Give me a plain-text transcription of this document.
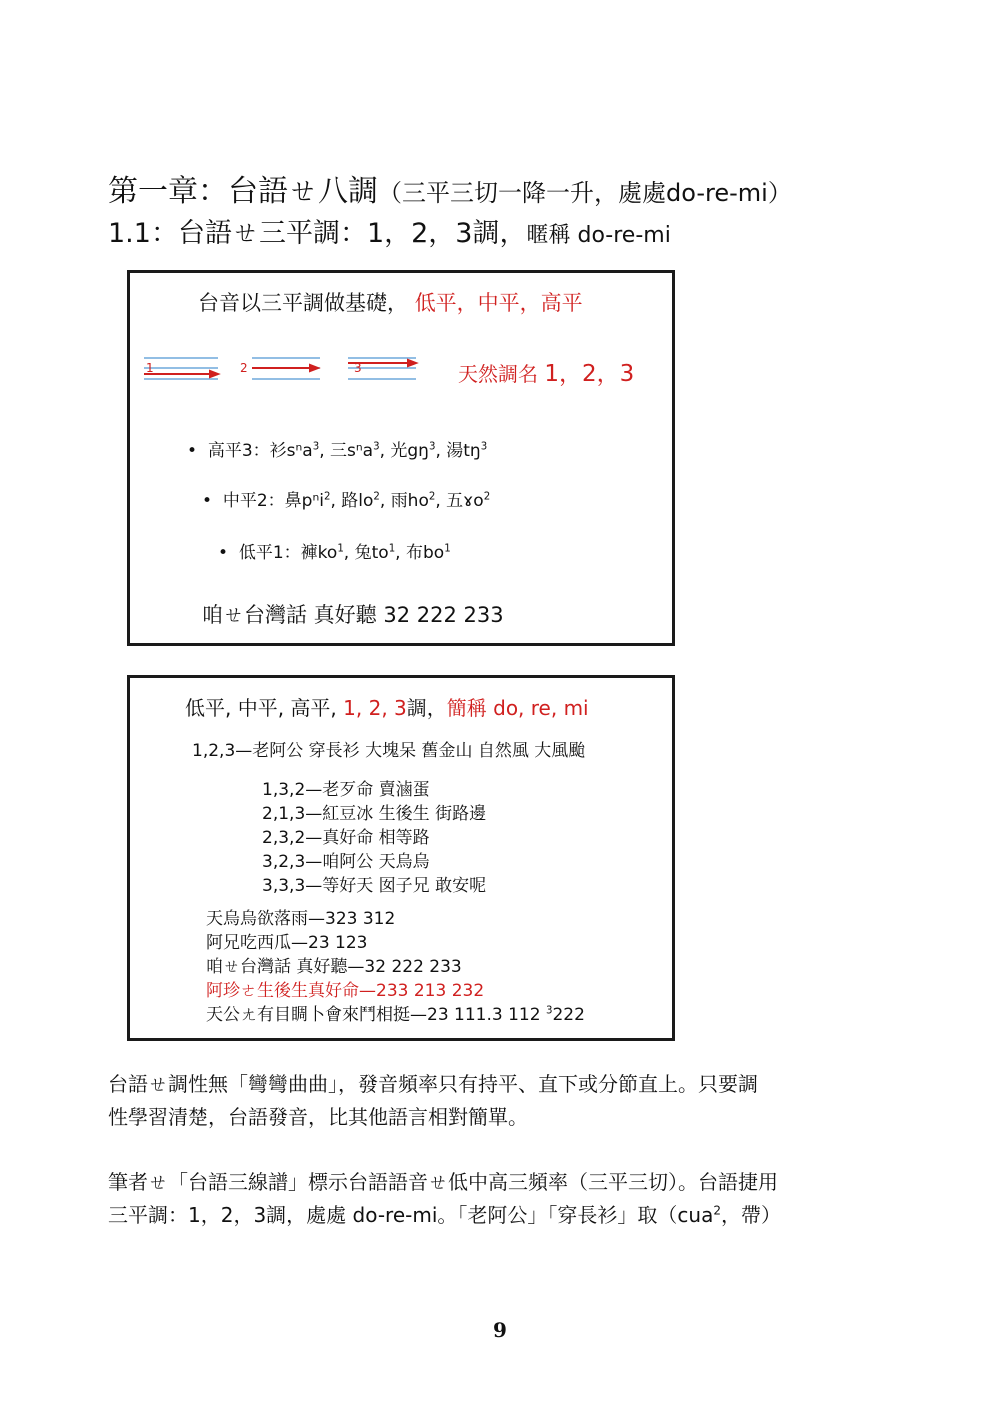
第一章：台語ㄝ八調（三平三切一降一升，處處do-re-mi）
1.1：台語ㄝ三平調：1，2，3調，暱稱 do-re-mi
台音以三平調做基礎， 低平，中平，高平
1	2	3	天然調名 1，2，3
• 高平3：衫sⁿa$^3$, 三sⁿa$^3$, 光$gŋ^3$, 湯$tŋ^3$
• 中平2：鼻pⁿi$^2$, 路$lo^2$, 雨$ho^2$, 五ɤo$^2$
• 低平1：褲$ko^1$, 兔$to^1$, 布$bo^1$
咱ㄝ台灣話 真好聽 32 222 233
低平, 中平, 高平, 1, 2, 3調，簡稱 do, re, mi
1,2,3—老阿公 穿長衫 大塊呆 舊金山 自然風 大風颱
1,3,2—老歹命 賣滷蛋
2,1,3—紅豆冰 生後生 街路邊
2,3,2—真好命 相等路
3,2,3—咱阿公 天烏烏
3,3,3—等好天 囡子兄 敢安呢
天烏烏欲落雨—323 312
阿兄吃西瓜—23 123
咱ㄝ台灣話 真好聽—32 222 233
阿珍ㄜ生後生真好命—233 213 232
天公ㄤ有目睭卜會來鬥相挺—23 111.3 112 $^3$222
台語ㄝ調性無「彎彎曲曲」，發音頻率只有持平、直下或分節直上。只要調
性學習清楚，台語發音，比其他語言相對簡單。
筆者ㄝ「台語三線譜」標示台語語音ㄝ低中高三頻率（三平三切）。台語捷用
三平調：1，2，3調，處處 do-re-mi。「老阿公」「穿長衫」取（cua$^2$，帶）
9
